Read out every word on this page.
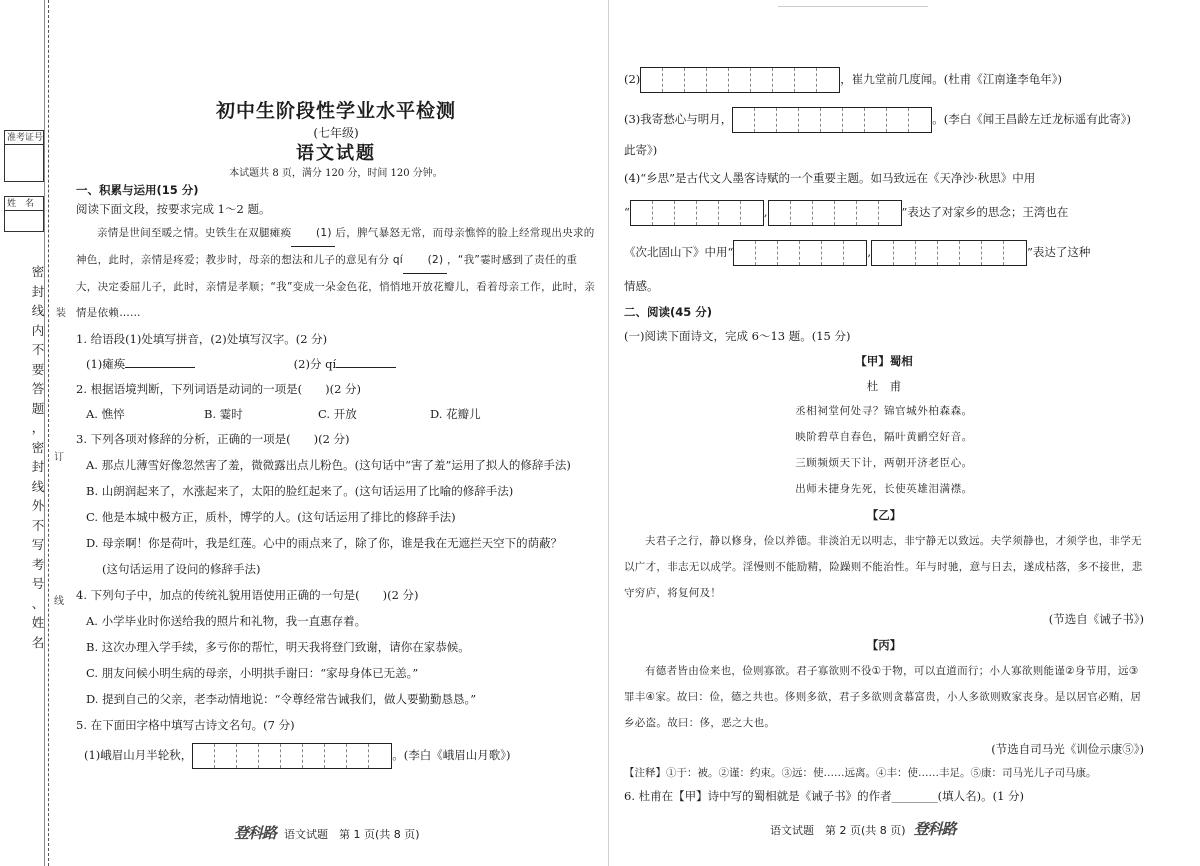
准考证号
姓　名
密
封
线
内
不
要
答
题
，
密
封
线
外
不
写
考
号
、
姓
名
装
订
线
初中生阶段性学业水平检测
(七年级)
语文试题
本试题共 8 页，满分 120 分，时间 120 分钟。
一、积累与运用(15 分)
阅读下面文段，按要求完成 1～2 题。
亲情是世间至暖之情。史铁生在双腿瘫痪 (1) 后，脾气暴怒无常，而母亲憔悴的脸上经常现出央求的神色，此时，亲情是疼爱；教步时，母亲的想法和儿子的意见有分 qí (2) ，“我”霎时感到了责任的重大，决定委屈儿子，此时，亲情是孝顺；“我”变成一朵金色花，悄悄地开放花瓣儿，看着母亲工作，此时，亲情是依赖……
1. 给语段(1)处填写拼音，(2)处填写汉字。(2 分)
(1)瘫痪	(2)分 qí
2. 根据语境判断，下列词语是动词的一项是(　　)(2 分)
A. 憔悴	B. 霎时	C. 开放	D. 花瓣儿
3. 下列各项对修辞的分析，正确的一项是(　　)(2 分)
A. 那点儿薄雪好像忽然害了羞，微微露出点儿粉色。(这句话中“害了羞”运用了拟人的修辞手法)
B. 山朗润起来了，水涨起来了，太阳的脸红起来了。(这句话运用了比喻的修辞手法)
C. 他是本城中极方正，质朴，博学的人。(这句话运用了排比的修辞手法)
D. 母亲啊！你是荷叶，我是红莲。心中的雨点来了，除了你，谁是我在无遮拦天空下的荫蔽？
(这句话运用了设问的修辞手法)
4. 下列句子中，加点的传统礼貌用语使用正确的一句是(　　)(2 分)
A. 小学毕业时你送给我的照片和礼物，我一直惠存着。
B. 这次办理入学手续，多亏你的帮忙，明天我将登门致谢，请你在家恭候。
C. 朋友问候小明生病的母亲，小明拱手谢曰：“家母身体已无恙。”
D. 提到自己的父亲，老李动情地说：“令尊经常告诫我们，做人要勤勤恳恳。”
5. 在下面田字格中填写古诗文名句。(7 分)
(1)峨眉山月半轮秋，	。(李白《峨眉山月歌》)
登科路 语文试题　第 1 页(共 8 页)
(2)	，崔九堂前几度闻。(杜甫《江南逢李龟年》)
(3)我寄愁心与明月，	。(李白《闻王昌龄左迁龙标遥有此寄》)
此寄》)
(4)“乡思”是古代文人墨客诗赋的一个重要主题。如马致远在《天净沙·秋思》中用
“	,	”表达了对家乡的思念；王湾也在
《次北固山下》中用“	,	”表达了这种
情感。
二、阅读(45 分)
(一)阅读下面诗文，完成 6～13 题。(15 分)
【甲】蜀相
杜　甫
丞相祠堂何处寻？锦官城外柏森森。
映阶碧草自春色，隔叶黄鹂空好音。
三顾频烦天下计，两朝开济老臣心。
出师未捷身先死，长使英雄泪满襟。
【乙】
夫君子之行，静以修身，俭以养德。非淡泊无以明志，非宁静无以致远。夫学须静也，才须学也，非学无以广才，非志无以成学。淫慢则不能励精，险躁则不能治性。年与时驰，意与日去，遂成枯落，多不接世，悲守穷庐，将复何及！
(节选自《诫子书》)
【丙】
有德者皆由俭来也，俭则寡欲。君子寡欲则不役①于物，可以直道而行；小人寡欲则能谨②身节用，远③罪丰④家。故曰：俭，德之共也。侈则多欲，君子多欲则贪慕富贵，小人多欲则败家丧身。是以居官必贿，居乡必盗。故曰：侈，恶之大也。
(节选自司马光《训俭示康⑤》)
【注释】①于：被。②谨：约束。③远：使……远离。④丰：使……丰足。⑤康：司马光儿子司马康。
6. 杜甫在【甲】诗中写的蜀相就是《诫子书》的作者________(填人名)。(1 分)
语文试题　第 2 页(共 8 页) 登科路
